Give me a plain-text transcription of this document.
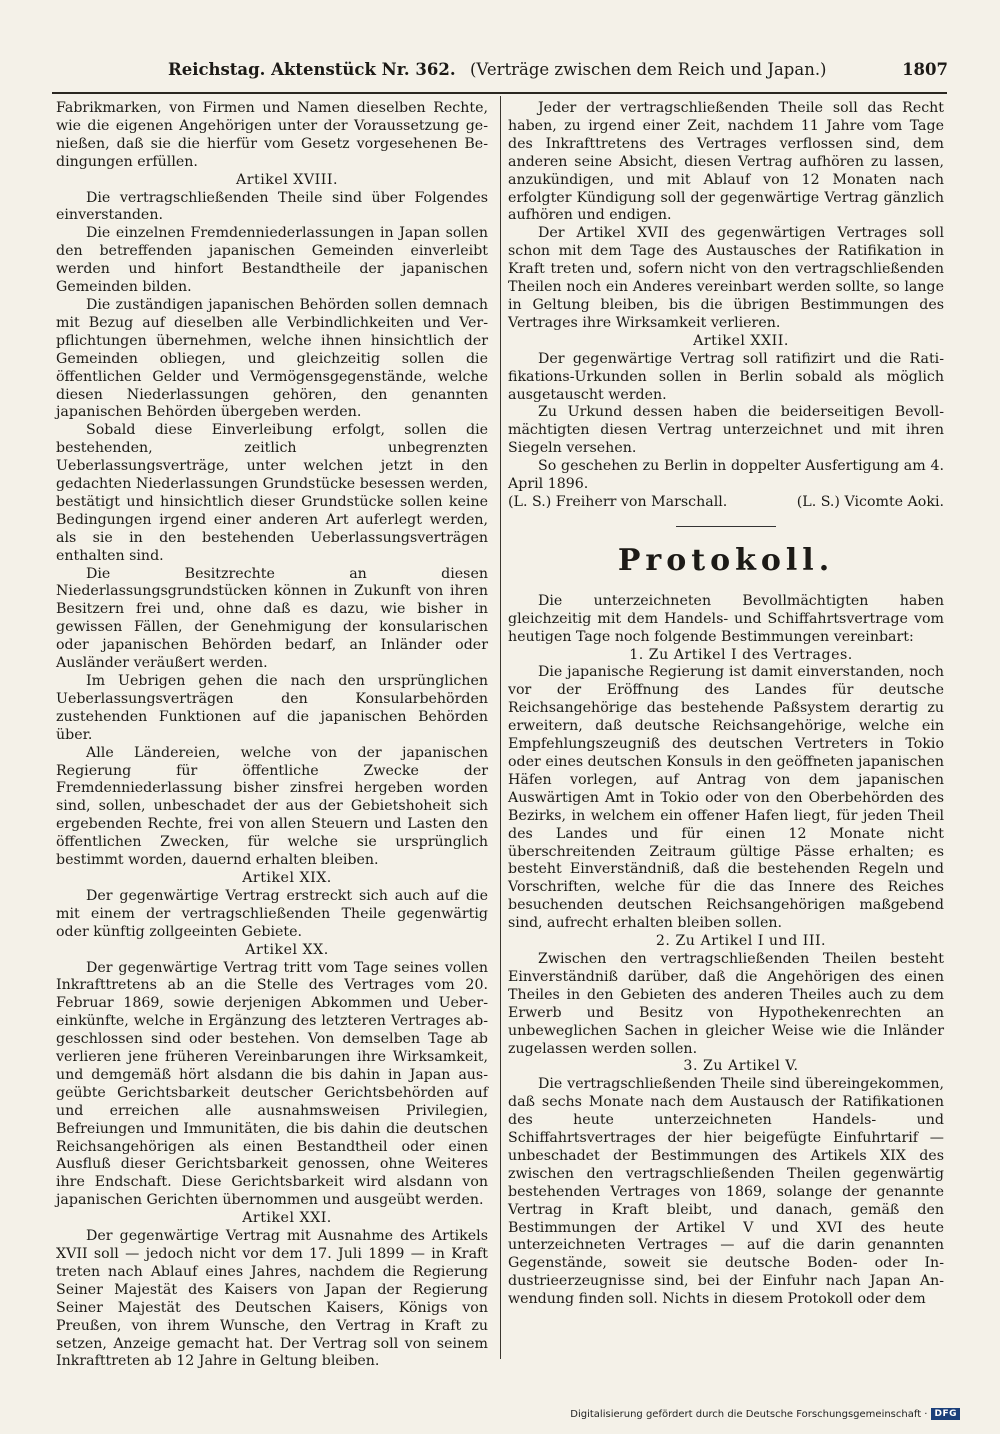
Reichstag. Aktenstück Nr. 362. (Verträge zwischen dem Reich und Japan.)	1807

Fabrikmarken, von Firmen und Namen dieselben Rechte, wie die eigenen Angehörigen unter der Voraussetzung genießen, daß sie die hierfür vom Gesetz vorgesehenen Bedingungen erfüllen.

Artikel XVIII.

Die vertragschließenden Theile sind über Folgendes einverstanden.

Die einzelnen Fremdenniederlassungen in Japan sollen den betreffenden japanischen Gemeinden einverleibt werden und hinfort Bestandtheile der japanischen Gemeinden bilden.

Die zuständigen japanischen Behörden sollen demnach mit Bezug auf dieselben alle Verbindlichkeiten und Verpflichtungen übernehmen, welche ihnen hinsichtlich der Gemeinden obliegen, und gleichzeitig sollen die öffentlichen Gelder und Vermögensgegenstände, welche diesen Niederlassungen gehören, den genannten japanischen Behörden übergeben werden.

Sobald diese Einverleibung erfolgt, sollen die bestehenden, zeitlich unbegrenzten Ueberlassungsverträge, unter welchen jetzt in den gedachten Niederlassungen Grundstücke besessen werden, bestätigt und hinsichtlich dieser Grundstücke sollen keine Bedingungen irgend einer anderen Art auferlegt werden, als sie in den bestehenden Ueberlassungsverträgen enthalten sind.

Die Besitzrechte an diesen Niederlassungsgrundstücken können in Zukunft von ihren Besitzern frei und, ohne daß es dazu, wie bisher in gewissen Fällen, der Genehmigung der konsularischen oder japanischen Behörden bedarf, an Inländer oder Ausländer veräußert werden.

Im Uebrigen gehen die nach den ursprünglichen Ueberlassungsverträgen den Konsularbehörden zustehenden Funktionen auf die japanischen Behörden über.

Alle Ländereien, welche von der japanischen Regierung für öffentliche Zwecke der Fremdenniederlassung bisher zinsfrei hergeben worden sind, sollen, unbeschadet der aus der Gebietshoheit sich ergebenden Rechte, frei von allen Steuern und Lasten den öffentlichen Zwecken, für welche sie ursprünglich bestimmt worden, dauernd erhalten bleiben.

Artikel XIX.

Der gegenwärtige Vertrag erstreckt sich auch auf die mit einem der vertragschließenden Theile gegenwärtig oder künftig zollgeeinten Gebiete.

Artikel XX.

Der gegenwärtige Vertrag tritt vom Tage seines vollen Inkrafttretens ab an die Stelle des Vertrages vom 20. Februar 1869, sowie derjenigen Abkommen und Uebereinkünfte, welche in Ergänzung des letzteren Vertrages abgeschlossen sind oder bestehen. Von demselben Tage ab verlieren jene früheren Vereinbarungen ihre Wirksamkeit, und demgemäß hört alsdann die bis dahin in Japan ausgeübte Gerichtsbarkeit deutscher Gerichtsbehörden auf und erreichen alle ausnahmsweisen Privilegien, Befreiungen und Immunitäten, die bis dahin die deutschen Reichsangehörigen als einen Bestandtheil oder einen Ausfluß dieser Gerichtsbarkeit genossen, ohne Weiteres ihre Endschaft. Diese Gerichtsbarkeit wird alsdann von japanischen Gerichten übernommen und ausgeübt werden.

Artikel XXI.

Der gegenwärtige Vertrag mit Ausnahme des Artikels XVII soll — jedoch nicht vor dem 17. Juli 1899 — in Kraft treten nach Ablauf eines Jahres, nachdem die Regierung Seiner Majestät des Kaisers von Japan der Regierung Seiner Majestät des Deutschen Kaisers, Königs von Preußen, von ihrem Wunsche, den Vertrag in Kraft zu setzen, Anzeige gemacht hat. Der Vertrag soll von seinem Inkrafttreten ab 12 Jahre in Geltung bleiben.

Jeder der vertragschließenden Theile soll das Recht haben, zu irgend einer Zeit, nachdem 11 Jahre vom Tage des Inkrafttretens des Vertrages verflossen sind, dem anderen seine Absicht, diesen Vertrag aufhören zu lassen, anzukündigen, und mit Ablauf von 12 Monaten nach erfolgter Kündigung soll der gegenwärtige Vertrag gänzlich aufhören und endigen.

Der Artikel XVII des gegenwärtigen Vertrages soll schon mit dem Tage des Austausches der Ratifikation in Kraft treten und, sofern nicht von den vertragschließenden Theilen noch ein Anderes vereinbart werden sollte, so lange in Geltung bleiben, bis die übrigen Bestimmungen des Vertrages ihre Wirksamkeit verlieren.

Artikel XXII.

Der gegenwärtige Vertrag soll ratifizirt und die Ratifikations-Urkunden sollen in Berlin sobald als möglich ausgetauscht werden.

Zu Urkund dessen haben die beiderseitigen Bevollmächtigten diesen Vertrag unterzeichnet und mit ihren Siegeln versehen.

So geschehen zu Berlin in doppelter Ausfertigung am 4. April 1896.

(L. S.) Freiherr von Marschall.	(L. S.) Vicomte Aoki.
Protokoll.

Die unterzeichneten Bevollmächtigten haben gleichzeitig mit dem Handels- und Schiffahrtsvertrage vom heutigen Tage noch folgende Bestimmungen vereinbart:

1. Zu Artikel I des Vertrages.

Die japanische Regierung ist damit einverstanden, noch vor der Eröffnung des Landes für deutsche Reichsangehörige das bestehende Paßsystem derartig zu erweitern, daß deutsche Reichsangehörige, welche ein Empfehlungszeugniß des deutschen Vertreters in Tokio oder eines deutschen Konsuls in den geöffneten japanischen Häfen vorlegen, auf Antrag von dem japanischen Auswärtigen Amt in Tokio oder von den Oberbehörden des Bezirks, in welchem ein offener Hafen liegt, für jeden Theil des Landes und für einen 12 Monate nicht überschreitenden Zeitraum gültige Pässe erhalten; es besteht Einverständniß, daß die bestehenden Regeln und Vorschriften, welche für die das Innere des Reiches besuchenden deutschen Reichsangehörigen maßgebend sind, aufrecht erhalten bleiben sollen.

2. Zu Artikel I und III.

Zwischen den vertragschließenden Theilen besteht Einverständniß darüber, daß die Angehörigen des einen Theiles in den Gebieten des anderen Theiles auch zu dem Erwerb und Besitz von Hypothekenrechten an unbeweglichen Sachen in gleicher Weise wie die Inländer zugelassen werden sollen.

3. Zu Artikel V.

Die vertragschließenden Theile sind übereingekommen, daß sechs Monate nach dem Austausch der Ratifikationen des heute unterzeichneten Handels- und Schiffahrtsvertrages der hier beigefügte Einfuhrtarif — unbeschadet der Bestimmungen des Artikels XIX des zwischen den vertragschließenden Theilen gegenwärtig bestehenden Vertrages von 1869, solange der genannte Vertrag in Kraft bleibt, und danach, gemäß den Bestimmungen der Artikel V und XVI des heute unterzeichneten Vertrages — auf die darin genannten Gegenstände, soweit sie deutsche Boden- oder Industrieerzeugnisse sind, bei der Einfuhr nach Japan Anwendung finden soll. Nichts in diesem Protokoll oder dem

Digitalisierung gefördert durch die Deutsche Forschungsgemeinschaft · DFG
